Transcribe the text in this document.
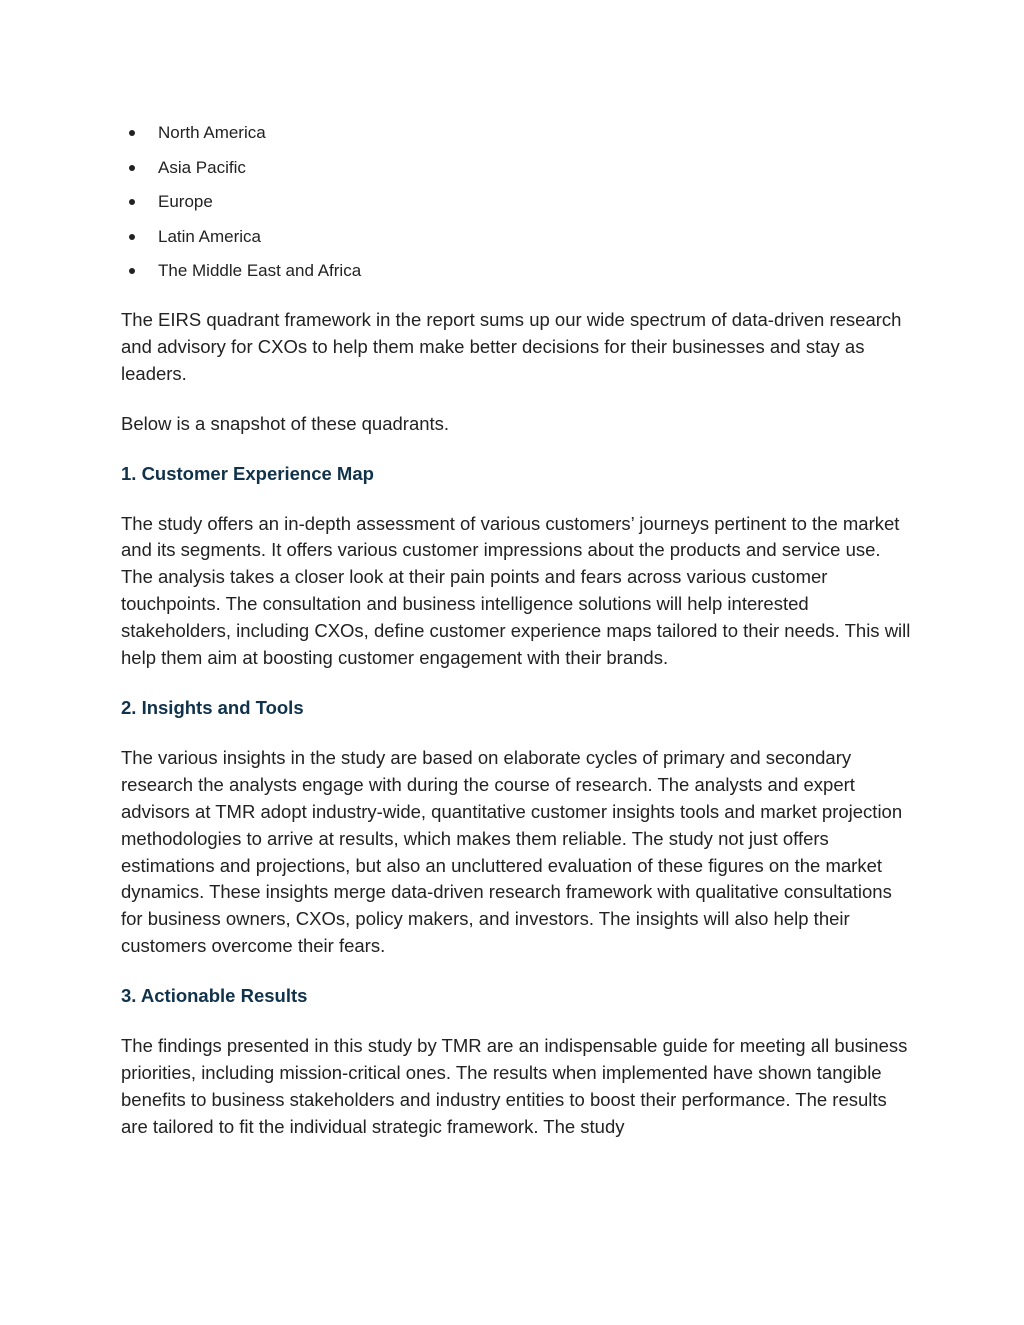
North America
Asia Pacific
Europe
Latin America
The Middle East and Africa

The EIRS quadrant framework in the report sums up our wide spectrum of data-driven research and advisory for CXOs to help them make better decisions for their businesses and stay as leaders.

Below is a snapshot of these quadrants.

1. Customer Experience Map

The study offers an in-depth assessment of various customers’ journeys pertinent to the market and its segments. It offers various customer impressions about the products and service use. The analysis takes a closer look at their pain points and fears across various customer touchpoints. The consultation and business intelligence solutions will help interested stakeholders, including CXOs, define customer experience maps tailored to their needs. This will help them aim at boosting customer engagement with their brands.

2. Insights and Tools

The various insights in the study are based on elaborate cycles of primary and secondary research the analysts engage with during the course of research. The analysts and expert advisors at TMR adopt industry-wide, quantitative customer insights tools and market projection methodologies to arrive at results, which makes them reliable. The study not just offers estimations and projections, but also an uncluttered evaluation of these figures on the market dynamics. These insights merge data-driven research framework with qualitative consultations for business owners, CXOs, policy makers, and investors. The insights will also help their customers overcome their fears.

3. Actionable Results

The findings presented in this study by TMR are an indispensable guide for meeting all business priorities, including mission-critical ones. The results when implemented have shown tangible benefits to business stakeholders and industry entities to boost their performance. The results are tailored to fit the individual strategic framework. The study
